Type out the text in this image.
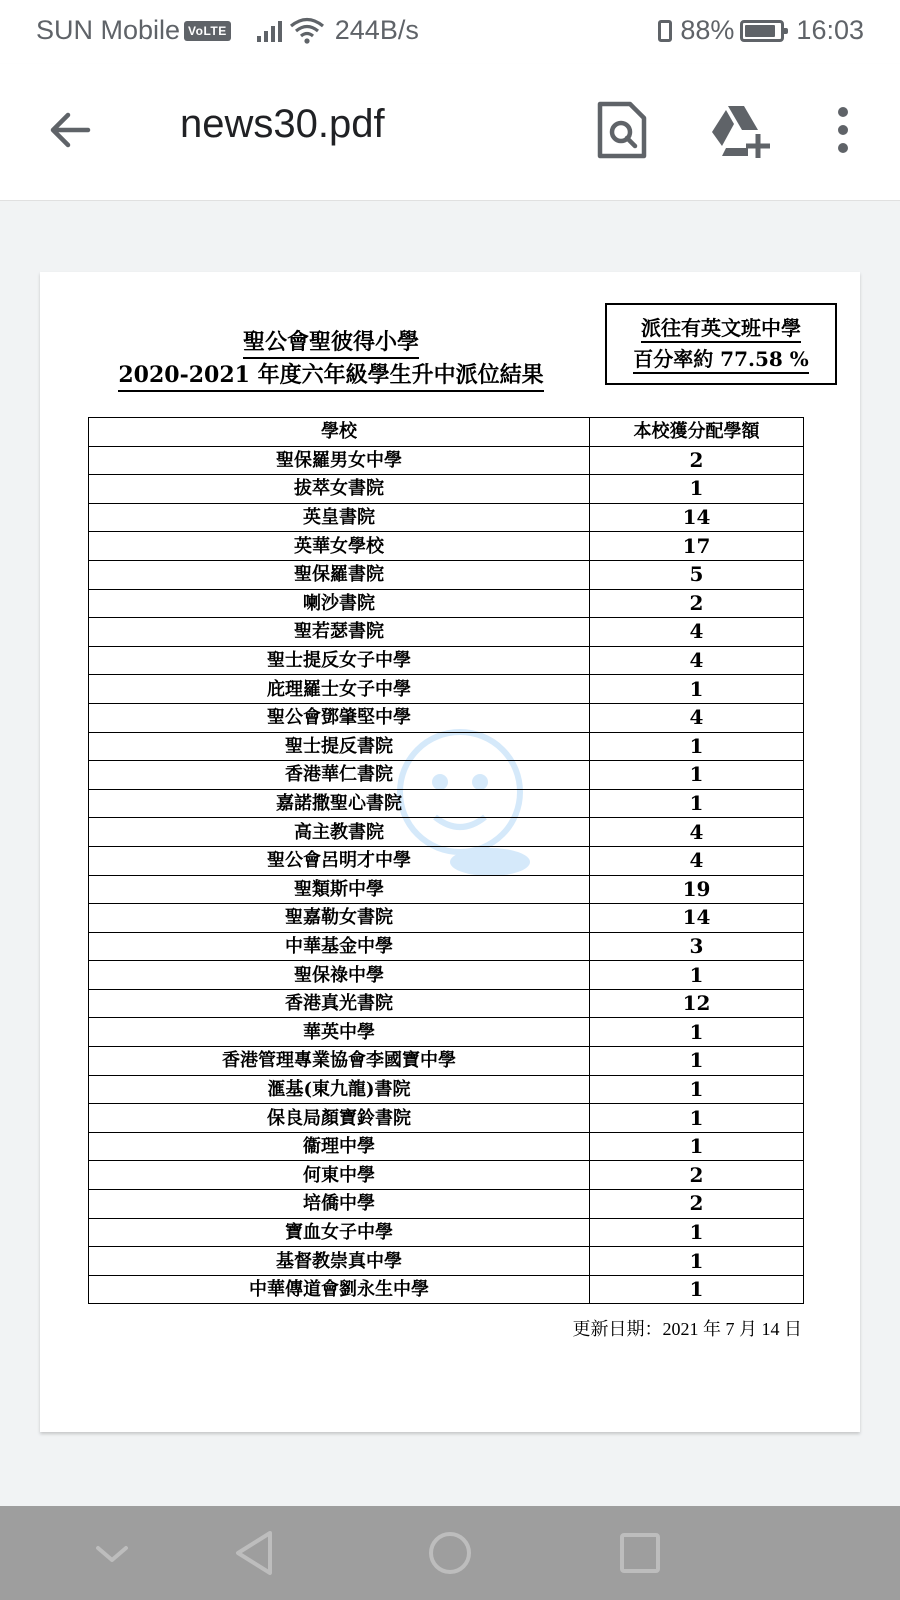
SUN Mobile VoLTE	244B/s	88% 16:03
news30.pdf
聖公會聖彼得小學
2020-2021 年度六年級學生升中派位結果
派往有英文班中學
百分率約 77.58 %
學校	本校獲分配學額
聖保羅男女中學	2
拔萃女書院	1
英皇書院	14
英華女學校	17
聖保羅書院	5
喇沙書院	2
聖若瑟書院	4
聖士提反女子中學	4
庇理羅士女子中學	1
聖公會鄧肇堅中學	4
聖士提反書院	1
香港華仁書院	1
嘉諾撒聖心書院	1
高主教書院	4
聖公會呂明才中學	4
聖類斯中學	19
聖嘉勒女書院	14
中華基金中學	3
聖保祿中學	1
香港真光書院	12
華英中學	1
香港管理專業協會李國寶中學	1
滙基(東九龍)書院	1
保良局顏寶鈴書院	1
衞理中學	1
何東中學	2
培僑中學	2
寶血女子中學	1
基督教崇真中學	1
中華傳道會劉永生中學	1
更新日期：2021 年 7 月 14 日
